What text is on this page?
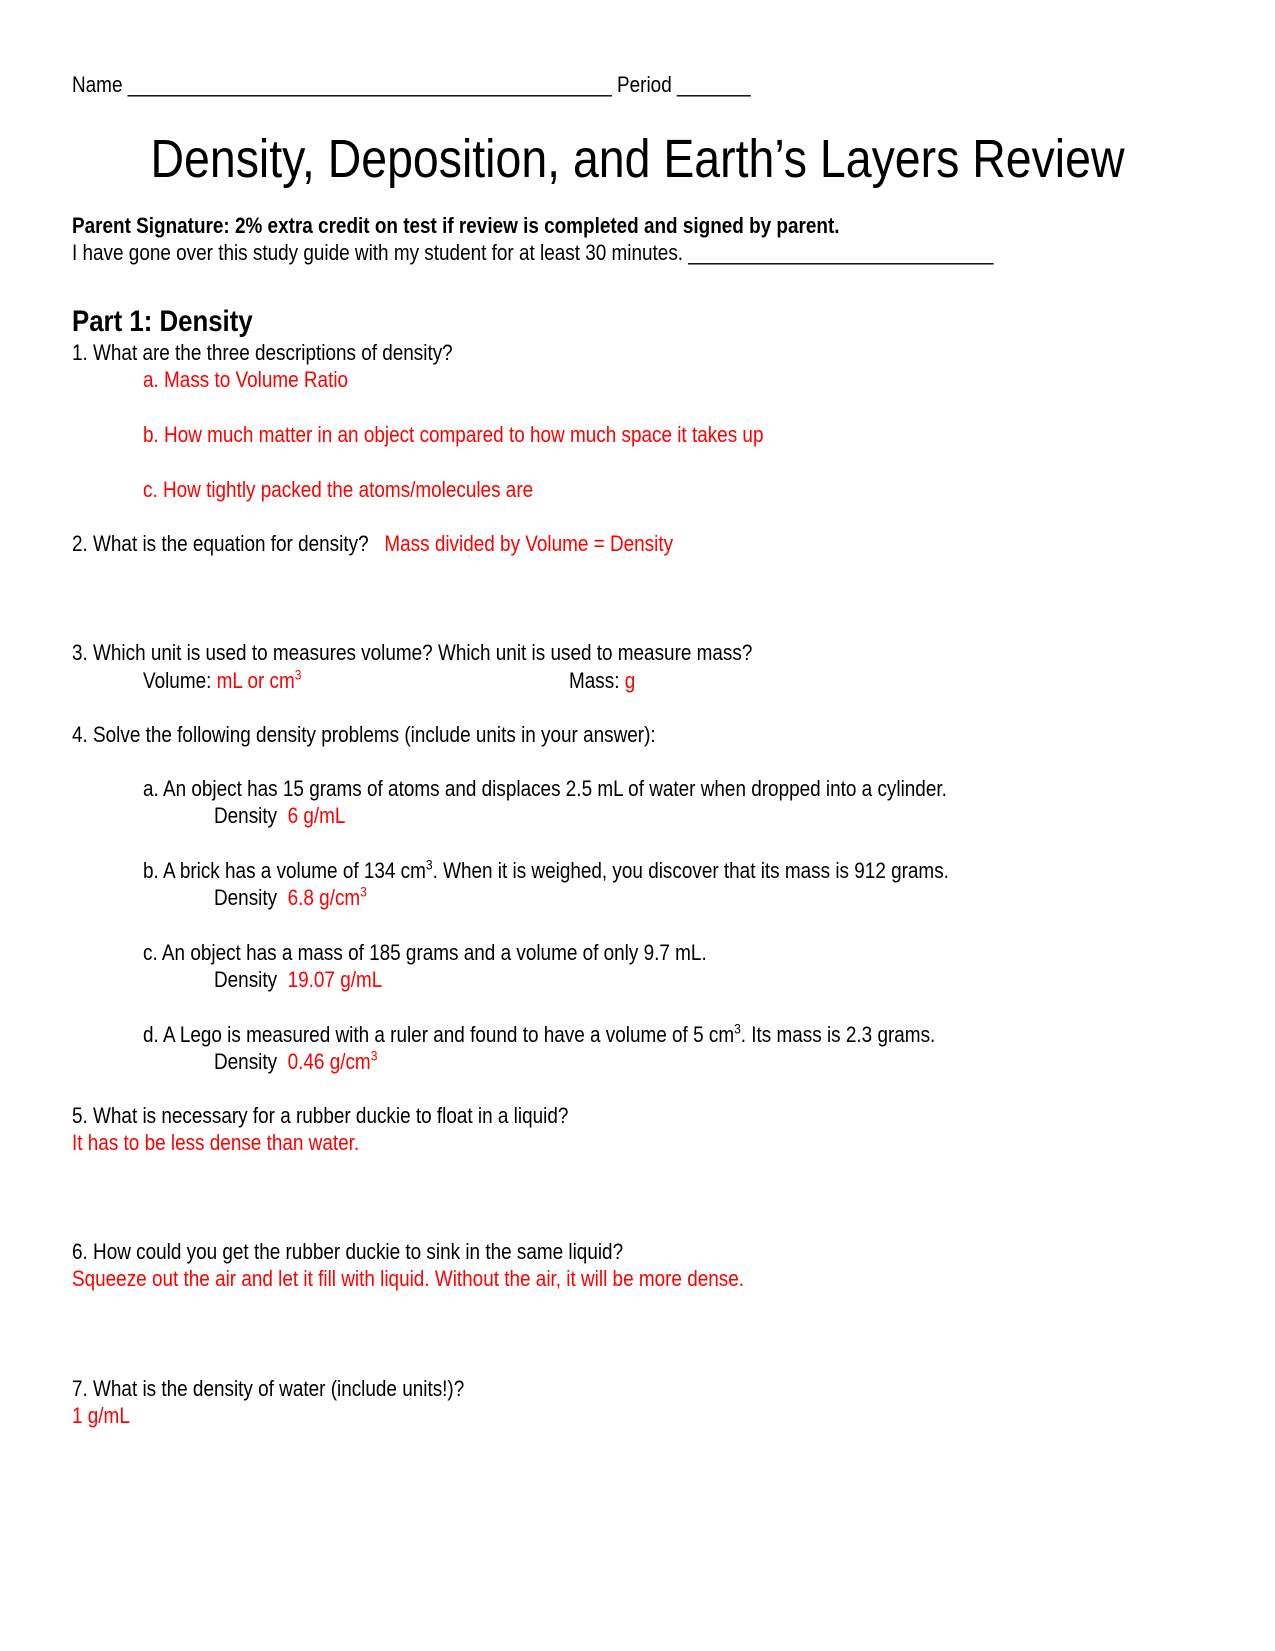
Name ______________________________________________ Period _______
Density, Deposition, and Earth’s Layers Review
Parent Signature: 2% extra credit on test if review is completed and signed by parent.
I have gone over this study guide with my student for at least 30 minutes. _____________________________
Part 1: Density
1. What are the three descriptions of density?
a. Mass to Volume Ratio
b. How much matter in an object compared to how much space it takes up
c. How tightly packed the atoms/molecules are
2. What is the equation for density? Mass divided by Volume = Density
3. Which unit is used to measures volume? Which unit is used to measure mass?
Volume: mL or $cm^3$	Mass: g
4. Solve the following density problems (include units in your answer):
a. An object has 15 grams of atoms and displaces 2.5 mL of water when dropped into a cylinder.
Density 6 g/mL
b. A brick has a volume of 134 $cm^3$. When it is weighed, you discover that its mass is 912 grams.
Density 6.8 $g/cm^3$
c. An object has a mass of 185 grams and a volume of only 9.7 mL.
Density 19.07 g/mL
d. A Lego is measured with a ruler and found to have a volume of 5 $cm^3$. Its mass is 2.3 grams.
Density 0.46 $g/cm^3$
5. What is necessary for a rubber duckie to float in a liquid?
It has to be less dense than water.
6. How could you get the rubber duckie to sink in the same liquid?
Squeeze out the air and let it fill with liquid. Without the air, it will be more dense.
7. What is the density of water (include units!)?
1 g/mL
